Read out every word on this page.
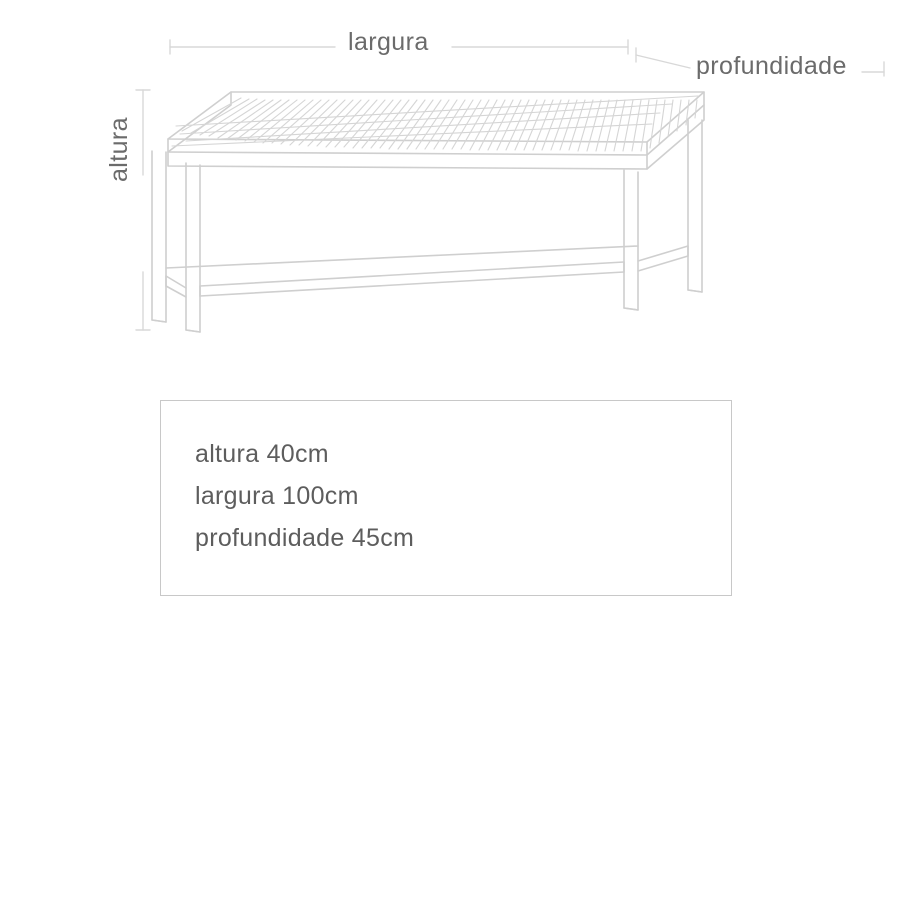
largura
profundidade
altura
altura 40cm
largura 100cm
profundidade 45cm
